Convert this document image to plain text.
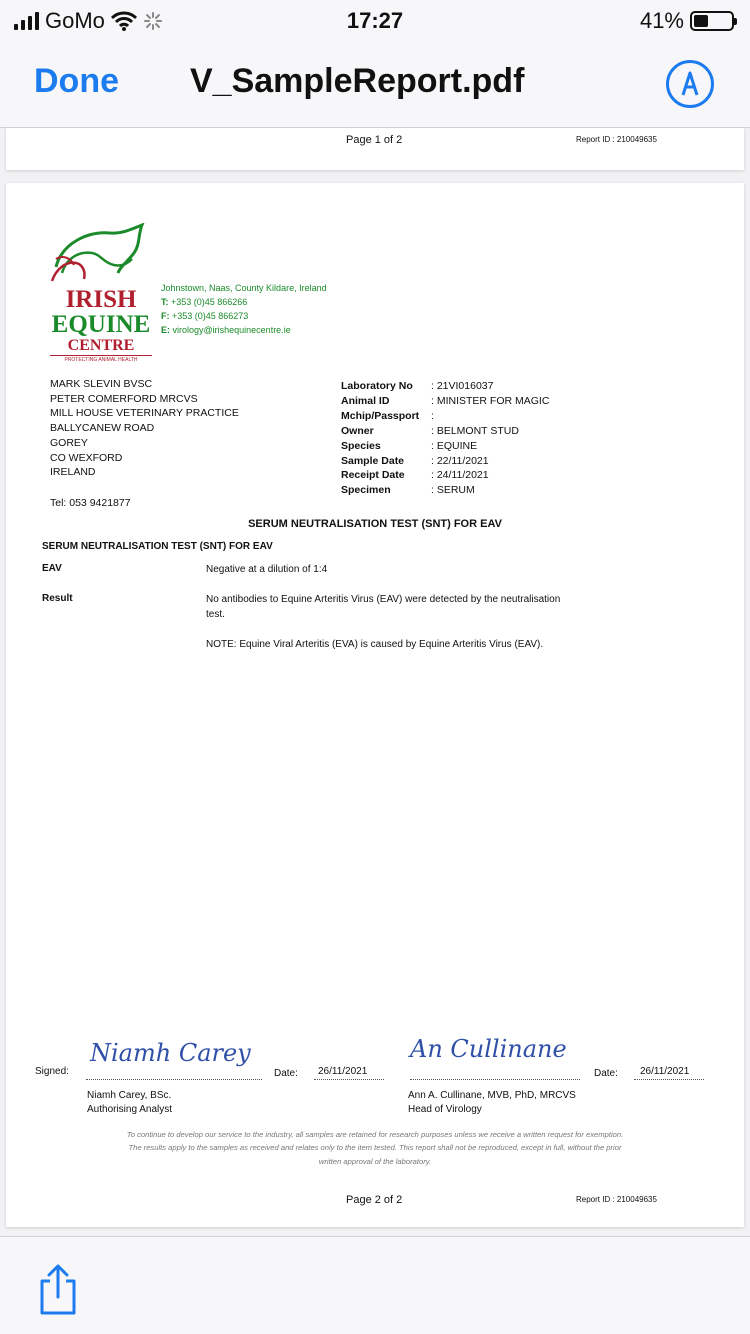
GoMo	17:27	41%
Done V_SampleReport.pdf
Page 1 of 2	Report ID : 210049635
IRISH
EQUINE
CENTRE
PROTECTING ANIMAL HEALTH
Johnstown, Naas, County Kildare, Ireland
T: +353 (0)45 866266
F: +353 (0)45 866273
E: virology@irishequinecentre.ie
MARK SLEVIN BVSC
PETER COMERFORD MRCVS
MILL HOUSE VETERINARY PRACTICE
BALLYCANEW ROAD
GOREY
CO WEXFORD
IRELAND
Laboratory No	: 21VI016037
Animal ID	: MINISTER FOR MAGIC
Mchip/Passport	:
Owner	: BELMONT STUD
Species	: EQUINE
Sample Date	: 22/11/2021
Receipt Date	: 24/11/2021
Specimen	: SERUM
Tel: 053 9421877
SERUM NEUTRALISATION TEST (SNT) FOR EAV
SERUM NEUTRALISATION TEST (SNT) FOR EAV
EAV	Negative at a dilution of 1:4
Result	No antibodies to Equine Arteritis Virus (EAV) were detected by the neutralisation test.
NOTE: Equine Viral Arteritis (EVA) is caused by Equine Arteritis Virus (EAV).
Signed:
Niamh Carey
Date: 26/11/2021
An Cullinane
Date: 26/11/2021
Niamh Carey, BSc.
Authorising Analyst
Ann A. Cullinane, MVB, PhD, MRCVS
Head of Virology
To continue to develop our service to the industry, all samples are retained for research purposes unless we receive a written request for exemption.
The results apply to the samples as received and relates only to the item tested. This report shall not be reproduced, except in full, without the prior
written approval of the laboratory.
Page 2 of 2	Report ID : 210049635
